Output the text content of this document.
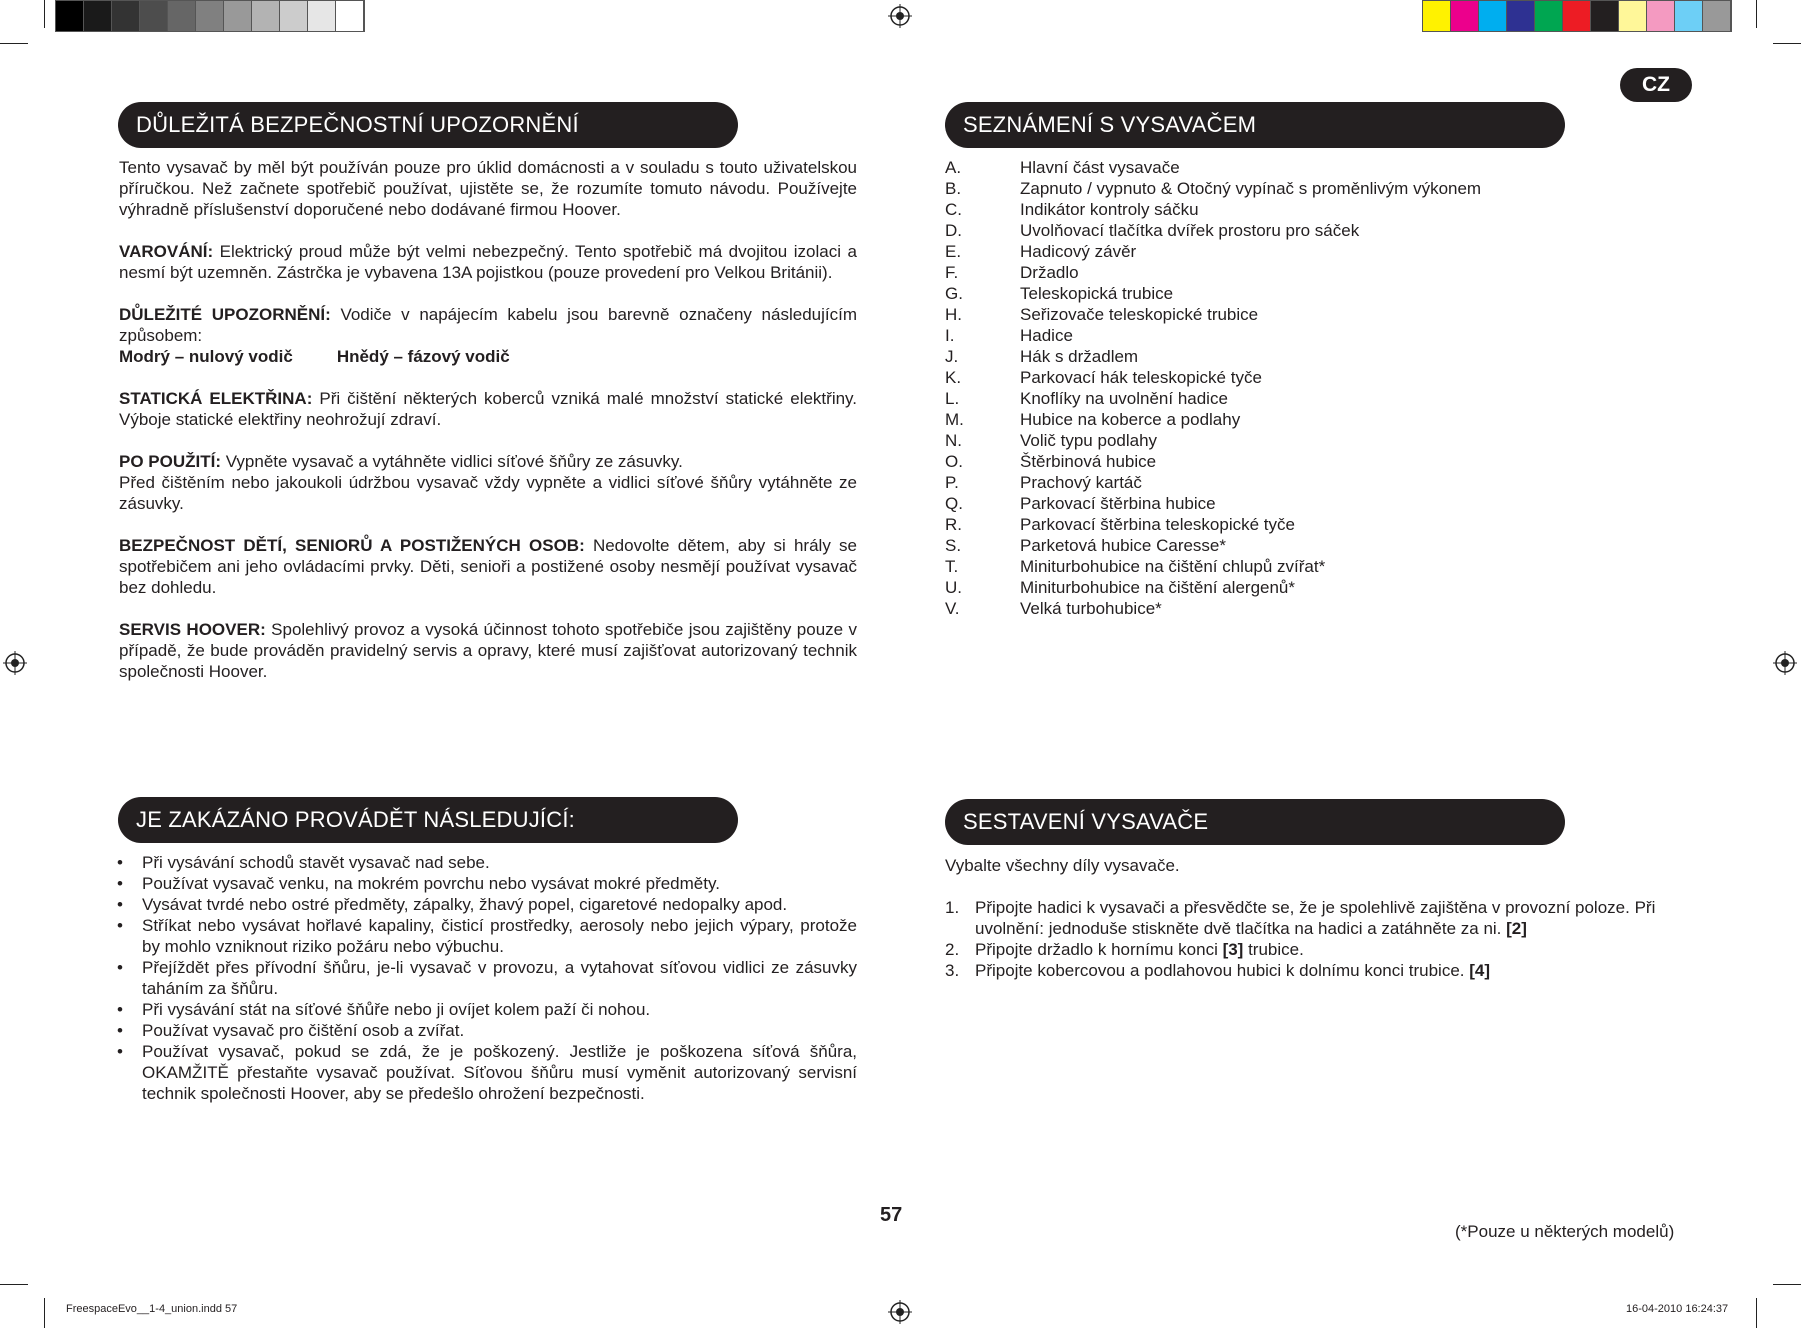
CZ
DŮLEŽITÁ BEZPEČNOSTNÍ UPOZORNĚNÍ

Tento vysavač by měl být používán pouze pro úklid domácnosti a v souladu s touto uživatelskou příručkou. Než začnete spotřebič používat, ujistěte se, že rozumíte tomuto návodu. Používejte výhradně příslušenství doporučené nebo dodávané firmou Hoover.

VAROVÁNÍ: Elektrický proud může být velmi nebezpečný. Tento spotřebič má dvojitou izolaci a nesmí být uzemněn. Zástrčka je vybavena 13A pojistkou (pouze provedení pro Velkou Británii).

DŮLEŽITÉ UPOZORNĚNÍ: Vodiče v napájecím kabelu jsou barevně označeny následujícím způsobem:

Modrý – nulový vodič	Hnědý – fázový vodič

STATICKÁ ELEKTŘINA: Při čištění některých koberců vzniká malé množství statické elektřiny. Výboje statické elektřiny neohrožují zdraví.

PO POUŽITÍ: Vypněte vysavač a vytáhněte vidlici síťové šňůry ze zásuvky.

Před čištěním nebo jakoukoli údržbou vysavač vždy vypněte a vidlici síťové šňůry vytáhněte ze zásuvky.

BEZPEČNOST DĚTÍ, SENIORŮ A POSTIŽENÝCH OSOB: Nedovolte dětem, aby si hrály se spotřebičem ani jeho ovládacími prvky. Děti, senioři a postižené osoby nesmějí používat vysavač bez dohledu.

SERVIS HOOVER: Spolehlivý provoz a vysoká účinnost tohoto spotřebiče jsou zajištěny pouze v případě, že bude prováděn pravidelný servis a opravy, které musí zajišťovat autorizovaný technik společnosti Hoover.

SEZNÁMENÍ S VYSAVAČEM
A.	Hlavní část vysavače
B.	Zapnuto / vypnuto & Otočný vypínač s proměnlivým výkonem
C.	Indikátor kontroly sáčku
D.	Uvolňovací tlačítka dvířek prostoru pro sáček
E.	Hadicový závěr
F.	Držadlo
G.	Teleskopická trubice
H.	Seřizovače teleskopické trubice
I.	Hadice
J.	Hák s držadlem
K.	Parkovací hák teleskopické tyče
L.	Knoflíky na uvolnění hadice
M.	Hubice na koberce a podlahy
N.	Volič typu podlahy
O.	Štěrbinová hubice
P.	Prachový kartáč
Q.	Parkovací štěrbina hubice
R.	Parkovací štěrbina teleskopické tyče
S.	Parketová hubice Caresse*
T.	Miniturbohubice na čištění chlupů zvířat*
U.	Miniturbohubice na čištění alergenů*
V.	Velká turbohubice*
JE ZAKÁZÁNO PROVÁDĚT NÁSLEDUJÍCÍ:
•	Při vysávání schodů stavět vysavač nad sebe.
•	Používat vysavač venku, na mokrém povrchu nebo vysávat mokré předměty.
•	Vysávat tvrdé nebo ostré předměty, zápalky, žhavý popel, cigaretové nedopalky apod.
•	Stříkat nebo vysávat hořlavé kapaliny, čisticí prostředky, aerosoly nebo jejich výpary, protože by mohlo vzniknout riziko požáru nebo výbuchu.
•	Přejíždět přes přívodní šňůru, je-li vysavač v provozu, a vytahovat síťovou vidlici ze zásuvky taháním za šňůru.
•	Při vysávání stát na síťové šňůře nebo ji ovíjet kolem paží či nohou.
•	Používat vysavač pro čištění osob a zvířat.
•	Používat vysavač, pokud se zdá, že je poškozený. Jestliže je poškozena síťová šňůra, OKAMŽITĚ přestaňte vysavač používat. Síťovou šňůru musí vyměnit autorizovaný servisní technik společnosti Hoover, aby se předešlo ohrožení bezpečnosti.
SESTAVENÍ VYSAVAČE

Vybalte všechny díly vysavače.

1. Připojte hadici k vysavači a přesvědčte se, že je spolehlivě zajištěna v provozní poloze. Při uvolnění: jednoduše stiskněte dvě tlačítka na hadici a zatáhněte za ni. [2]
2. Připojte držadlo k hornímu konci [3] trubice.
3. Připojte kobercovou a podlahovou hubici k dolnímu konci trubice. [4]
57
(*Pouze u některých modelů)
FreespaceEvo__1-4_union.indd 57	16-04-2010 16:24:37
